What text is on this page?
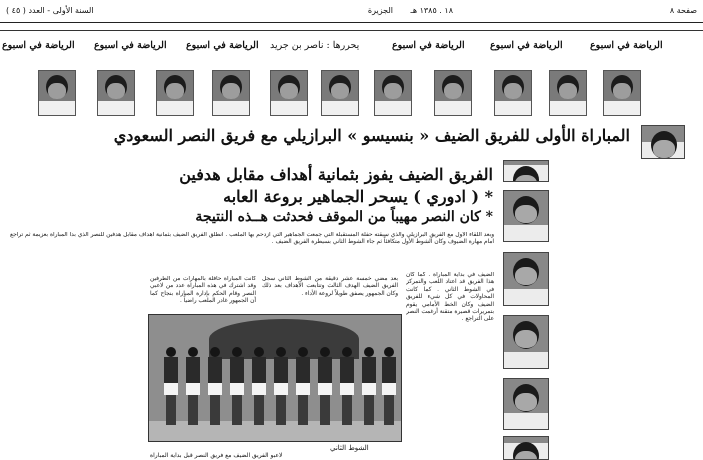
صفحة ٨
الجزيرة ١٨ . ١٣٨٥ هـ
السنة الأولى - العدد ( ٤٥ )
الرياضة في اسبوع الرياضة في اسبوع الرياضة في اسبوع يحررها : ناصر بن جريد	الرياضة في اسبوع	الرياضة في اسبوع	الرياضة في اسبوع
المباراة الأولى للفريق الضيف « بنسيسو » البرازيلي مع فريق النصر السعودي
الفريق الضيف يفوز بثمانية أهداف مقابل هدفين
* ( ادوري ) يسحر الجماهير بروعة العابه
* كان النصر مهيباً من الموقف فحدثت هــذه النتيجة
وبعد اللقاء الأول مع الفريق البرازيلي والذي سبقته حفلة المستقبلة التي جمعت الجماهير التي ازدحم بها الملعب . انطلق الفريق الضيف بثمانية أهداف مقابل هدفين للنصر الذي بدأ المباراة بعزيمة ثم تراجع امام مهارة الضيوف وكان الشوط الأول متكافئاً ثم جاء الشوط الثاني بسيطرة الفريق الضيف .
الضيف في بداية المباراة . كما كان هذا الفريق قد اعتاد اللعب والتمركز في الشوط الثاني . كما كانت المحاولات في كل شيء للفريق الضيف وكان الخط الأمامي يقوم بتمريرات قصيرة متقنة أرغمت النصر على التراجع .
بعد مضي خمسة عشر دقيقة من الشوط الثاني سجل الفريق الضيف الهدف الثالث وتتابعت الأهداف بعد ذلك وكان الجمهور يصفق طويلاً لروعة الأداء .
كانت المباراة حافلة بالمهارات من الطرفين وقد اشترك في هذه المباراة عدد من لاعبي النصر وقام الحكم بإدارة المباراة بنجاح كما أن الجمهور غادر الملعب راضياً .
الشوط الثاني
لاعبو الفريق الضيف مع فريق النصر قبل بداية المباراة
